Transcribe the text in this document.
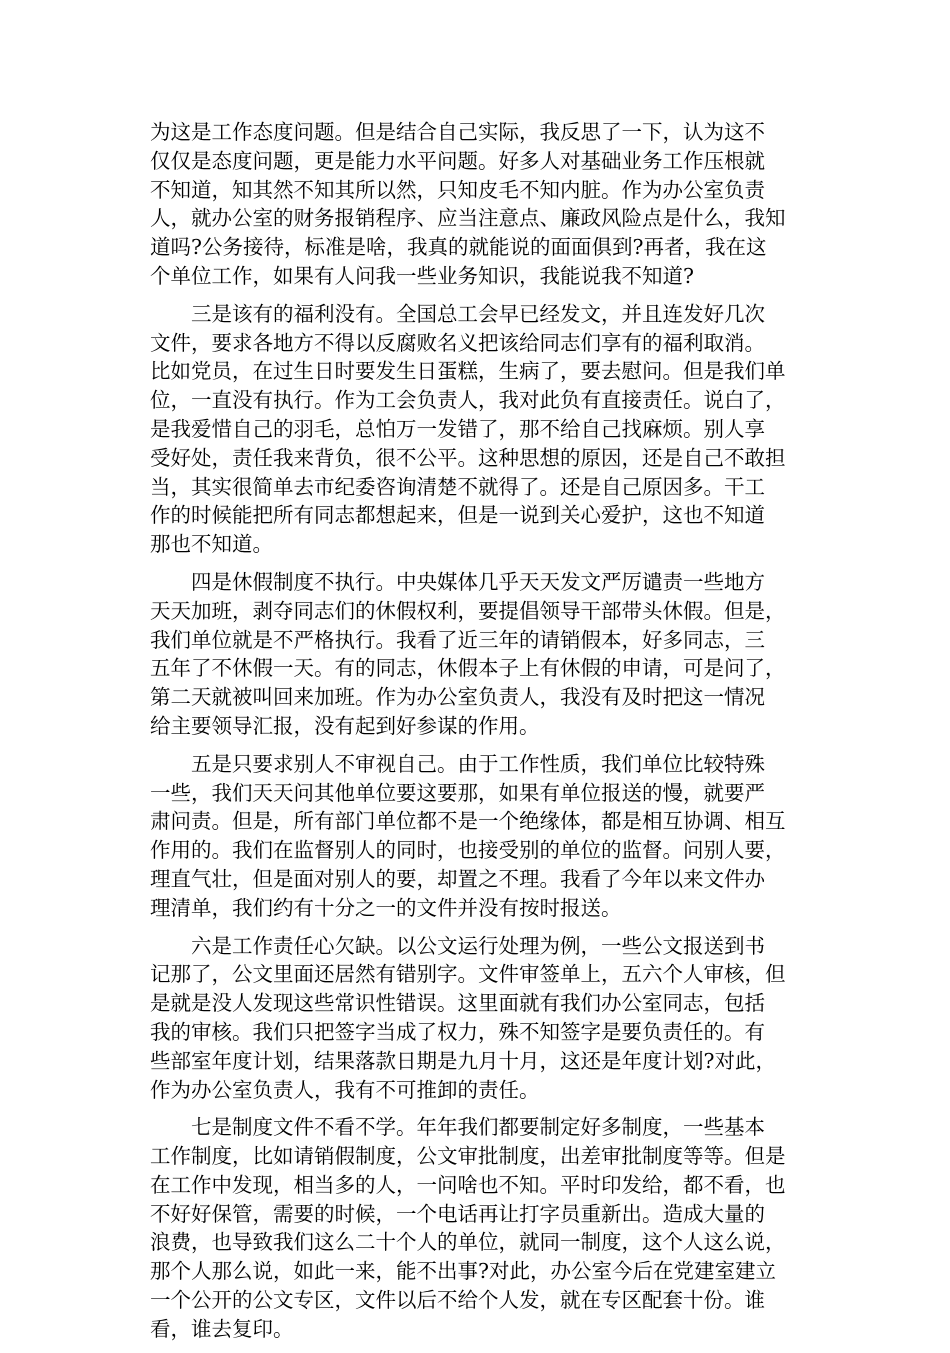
为这是工作态度问题。但是结合自己实际，我反思了一下，认为这不
仅仅是态度问题，更是能力水平问题。好多人对基础业务工作压根就
不知道，知其然不知其所以然，只知皮毛不知内脏。作为办公室负责
人，就办公室的财务报销程序、应当注意点、廉政风险点是什么，我知
道吗?公务接待，标准是啥，我真的就能说的面面俱到?再者，我在这
个单位工作，如果有人问我一些业务知识，我能说我不知道?

三是该有的福利没有。全国总工会早已经发文，并且连发好几次
文件，要求各地方不得以反腐败名义把该给同志们享有的福利取消。
比如党员，在过生日时要发生日蛋糕，生病了，要去慰问。但是我们单
位，一直没有执行。作为工会负责人，我对此负有直接责任。说白了，
是我爱惜自己的羽毛，总怕万一发错了，那不给自己找麻烦。别人享
受好处，责任我来背负，很不公平。这种思想的原因，还是自己不敢担
当，其实很简单去市纪委咨询清楚不就得了。还是自己原因多。干工
作的时候能把所有同志都想起来，但是一说到关心爱护，这也不知道
那也不知道。

四是休假制度不执行。中央媒体几乎天天发文严厉谴责一些地方
天天加班，剥夺同志们的休假权利，要提倡领导干部带头休假。但是，
我们单位就是不严格执行。我看了近三年的请销假本，好多同志，三
五年了不休假一天。有的同志，休假本子上有休假的申请，可是问了，
第二天就被叫回来加班。作为办公室负责人，我没有及时把这一情况
给主要领导汇报，没有起到好参谋的作用。

五是只要求别人不审视自己。由于工作性质，我们单位比较特殊
一些，我们天天问其他单位要这要那，如果有单位报送的慢，就要严
肃问责。但是，所有部门单位都不是一个绝缘体，都是相互协调、相互
作用的。我们在监督别人的同时，也接受别的单位的监督。问别人要，
理直气壮，但是面对别人的要，却置之不理。我看了今年以来文件办
理清单，我们约有十分之一的文件并没有按时报送。

六是工作责任心欠缺。以公文运行处理为例，一些公文报送到书
记那了，公文里面还居然有错别字。文件审签单上，五六个人审核，但
是就是没人发现这些常识性错误。这里面就有我们办公室同志，包括
我的审核。我们只把签字当成了权力，殊不知签字是要负责任的。有
些部室年度计划，结果落款日期是九月十月，这还是年度计划?对此，
作为办公室负责人，我有不可推卸的责任。

七是制度文件不看不学。年年我们都要制定好多制度，一些基本
工作制度，比如请销假制度，公文审批制度，出差审批制度等等。但是
在工作中发现，相当多的人，一问啥也不知。平时印发给，都不看，也
不好好保管，需要的时候，一个电话再让打字员重新出。造成大量的
浪费，也导致我们这么二十个人的单位，就同一制度，这个人这么说，
那个人那么说，如此一来，能不出事?对此，办公室今后在党建室建立
一个公开的公文专区，文件以后不给个人发，就在专区配套十份。谁
看，谁去复印。
